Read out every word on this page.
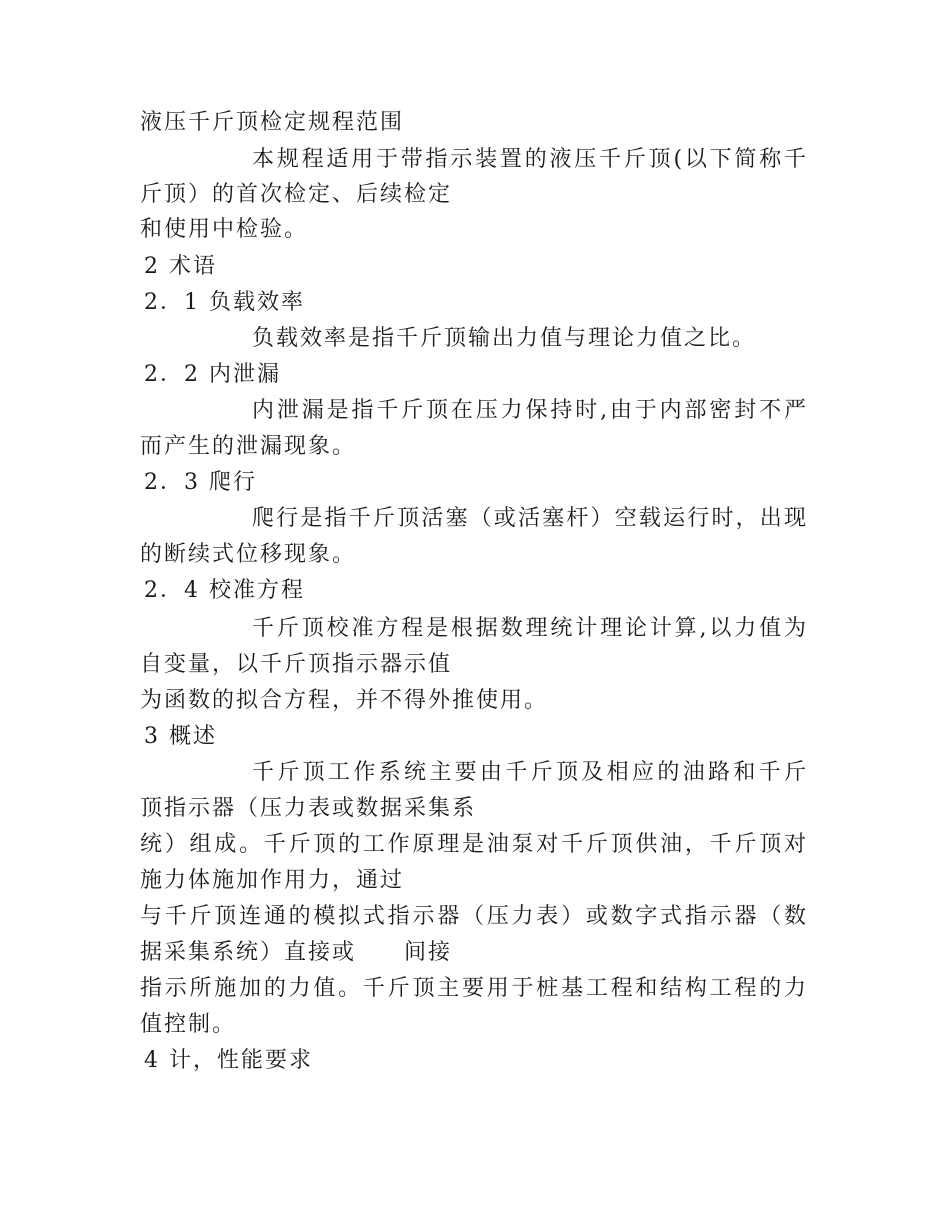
液压千斤顶检定规程范围
本规程适用于带指示装置的液压千斤顶(以下简称千
斤顶）的首次检定、后续检定
和使用中检验。
2 术语
2．1 负载效率
负载效率是指千斤顶输出力值与理论力值之比。
2．2 内泄漏
内泄漏是指千斤顶在压力保持时,由于内部密封不严
而产生的泄漏现象。
2．3 爬行
爬行是指千斤顶活塞（或活塞杆）空载运行时，出现
的断续式位移现象。
2．4 校准方程
千斤顶校准方程是根据数理统计理论计算,以力值为
自变量，以千斤顶指示器示值
为函数的拟合方程，并不得外推使用。
3 概述
千斤顶工作系统主要由千斤顶及相应的油路和千斤
顶指示器（压力表或数据采集系
统）组成。千斤顶的工作原理是油泵对千斤顶供油，千斤顶对
施力体施加作用力，通过
与千斤顶连通的模拟式指示器（压力表）或数字式指示器（数
据采集系统）直接或　　间接
指示所施加的力值。千斤顶主要用于桩基工程和结构工程的力
值控制。
4 计，性能要求
